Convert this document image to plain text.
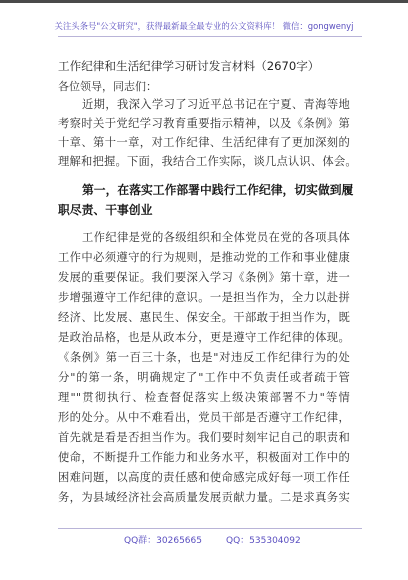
关注头条号"公文研究"，获得最新最全最专业的公文资料库！ 微信：gongwenyj
工作纪律和生活纪律学习研讨发言材料（2670字）
各位领导，同志们：
近期，我深入学习了习近平总书记在宁夏、青海等地
考察时关于党纪学习教育重要指示精神，以及《条例》第
十章、第十一章，对工作纪律、生活纪律有了更加深刻的
理解和把握。下面，我结合工作实际，谈几点认识、体会。
第一，在落实工作部署中践行工作纪律，切实做到履
职尽责、干事创业
工作纪律是党的各级组织和全体党员在党的各项具体
工作中必须遵守的行为规则，是推动党的工作和事业健康
发展的重要保证。我们要深入学习《条例》第十章，进一
步增强遵守工作纪律的意识。一是担当作为，全力以赴拼
经济、比发展、惠民生、保安全。干部敢于担当作为，既
是政治品格，也是从政本分，更是遵守工作纪律的体现。
《条例》第一百三十条，也是"对违反工作纪律行为的处
分"的第一条，明确规定了"工作中不负责任或者疏于管
理""贯彻执行、检查督促落实上级决策部署不力"等情
形的处分。从中不难看出，党员干部是否遵守工作纪律，
首先就是看是否担当作为。我们要时刻牢记自己的职责和
使命，不断提升工作能力和业务水平，积极面对工作中的
困难问题，以高度的责任感和使命感完成好每一项工作任
务，为县域经济社会高质量发展贡献力量。二是求真务实
QQ群：30265665	QQ：535304092
